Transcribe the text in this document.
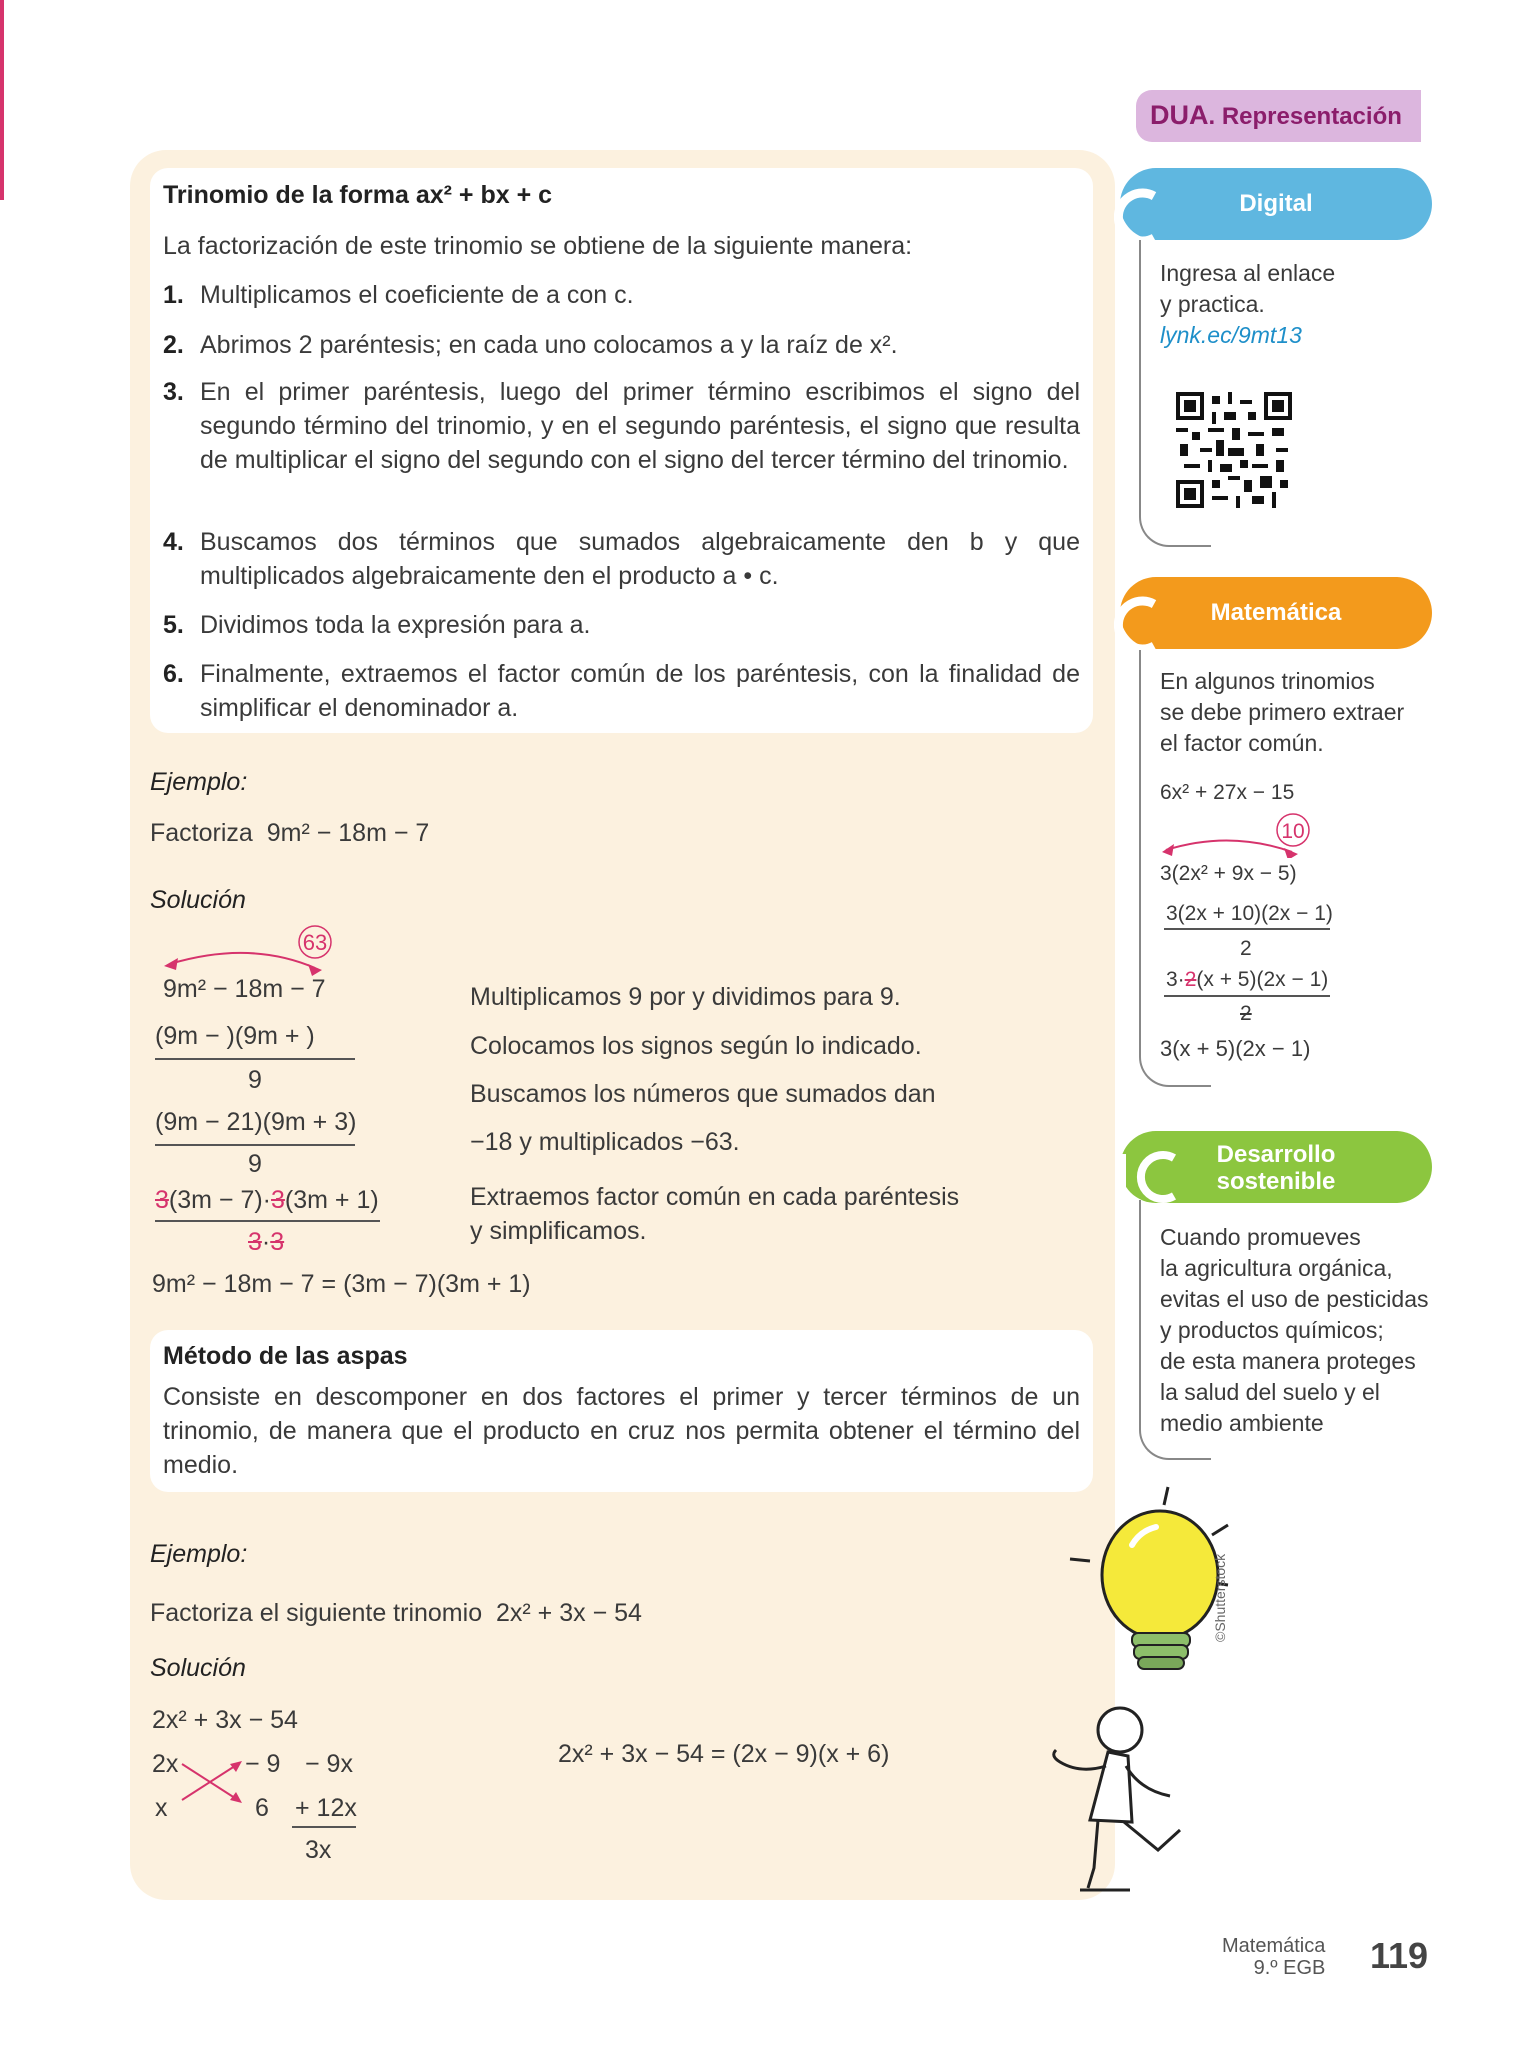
Trinomio de la forma ax² + bx + c
La factorización de este trinomio se obtiene de la siguiente manera:
1. Multiplicamos el coeficiente de a con c.
2. Abrimos 2 paréntesis; en cada uno colocamos a y la raíz de x².
3. En el primer paréntesis, luego del primer término escribimos el signo del segundo término del trinomio, y en el segundo paréntesis, el signo que resulta de multiplicar el signo del segundo con el signo del tercer término del trinomio.
4. Buscamos dos términos que sumados algebraicamente den b y que multiplicados algebraicamente den el producto a • c.
5. Dividimos toda la expresión para a.
6. Finalmente, extraemos el factor común de los paréntesis, con la finalidad de simplificar el denominador a.
Ejemplo:
Factoriza 9m² − 18m − 7
Solución
63
9m² − 18m − 7
(9m − )(9m + )
9
(9m − 21)(9m + 3)
9
3(3m − 7)·3(3m + 1)
3·3
9m² − 18m − 7 = (3m − 7)(3m + 1)
Multiplicamos 9 por y dividimos para 9.
Colocamos los signos según lo indicado.
Buscamos los números que sumados dan
−18 y multiplicados −63.
Extraemos factor común en cada paréntesis
y simplificamos.
Método de las aspas
Consiste en descomponer en dos factores el primer y tercer términos de un trinomio, de manera que el producto en cruz nos permita obtener el término del medio.
Ejemplo:
Factoriza el siguiente trinomio 2x² + 3x − 54
Solución
2x² + 3x − 54
2x	− 9 − 9x
x	6 + 12x
3x
2x² + 3x − 54 = (2x − 9)(x + 6)
DUA. Representación
Digital
Ingresa al enlace
y practica.
lynk.ec/9mt13
Matemática
En algunos trinomios
se debe primero extraer
el factor común.
6x² + 27x − 15
10
3(2x² + 9x − 5)
3(2x + 10)(2x − 1)
2
3·2(x + 5)(2x − 1)
2
3(x + 5)(2x − 1)
Desarrollo
sostenible
Cuando promueves
la agricultura orgánica,
evitas el uso de pesticidas
y productos químicos;
de esta manera proteges
la salud del suelo y el
medio ambiente
©Shutterstock
Matemática
9.º EGB 119
